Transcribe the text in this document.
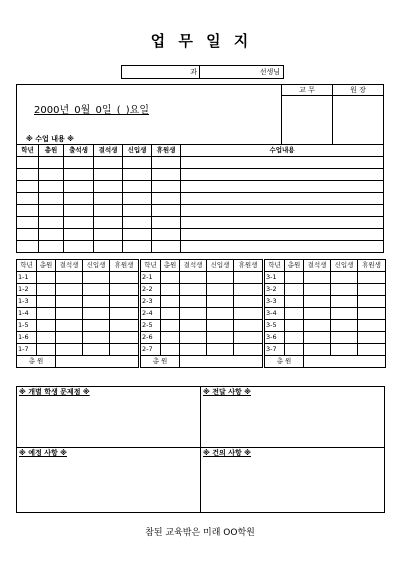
업 무 일 지
과	선생님
2000년 0월 0일 ( )요일
※ 수업 내용 ※
교 무	원 장

학년	총원	출석생	결석생	신입생	휴원생	수업내용

학년	총원	결석생	신입생	휴원생
1-1				
1-2				
1-3				
1-4				
1-5				
1-6				
1-7				
총 원				
학년	총원	결석생	신입생	휴원생
2-1				
2-2				
2-3				
2-4				
2-5				
2-6				
2-7				
총 원				
학년	총원	결석생	신입생	휴원생
3-1				
3-2				
3-3				
3-4				
3-5				
3-6				
3-7				
총 원				
※ 개별 학생 문제점 ※	※ 전달 사항 ※
※ 예정 사항 ※	※ 건의 사항 ※
참된 교육밖은 미래 OO학원
